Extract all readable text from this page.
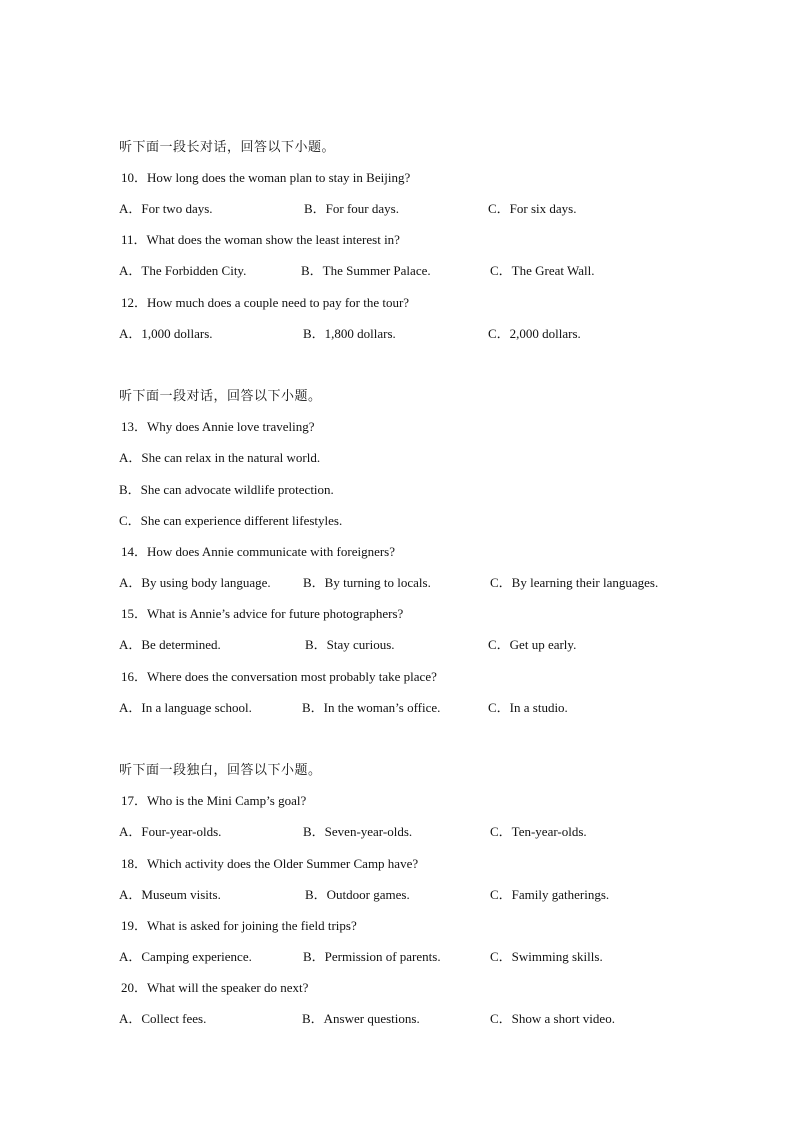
听下面一段长对话，回答以下小题。
10．How long does the woman plan to stay in Beijing?
A．For two days.	B．For four days.	C．For six days.
11．What does the woman show the least interest in?
A．The Forbidden City.	B．The Summer Palace.	C．The Great Wall.
12．How much does a couple need to pay for the tour?
A．1,000 dollars.	B．1,800 dollars.	C．2,000 dollars.
听下面一段对话，回答以下小题。
13．Why does Annie love traveling?
A．She can relax in the natural world.
B．She can advocate wildlife protection.
C．She can experience different lifestyles.
14．How does Annie communicate with foreigners?
A．By using body language. B．By turning to locals.	C．By learning their languages.
15．What is Annie’s advice for future photographers?
A．Be determined.	B．Stay curious.	C．Get up early.
16．Where does the conversation most probably take place?
A．In a language school.	B．In the woman’s office.	C．In a studio.
听下面一段独白，回答以下小题。
17．Who is the Mini Camp’s goal?
A．Four-year-olds.	B．Seven-year-olds.	C．Ten-year-olds.
18．Which activity does the Older Summer Camp have?
A．Museum visits.	B．Outdoor games.	C．Family gatherings.
19．What is asked for joining the field trips?
A．Camping experience.	B．Permission of parents.	C．Swimming skills.
20．What will the speaker do next?
A．Collect fees.	B．Answer questions.	C．Show a short video.
